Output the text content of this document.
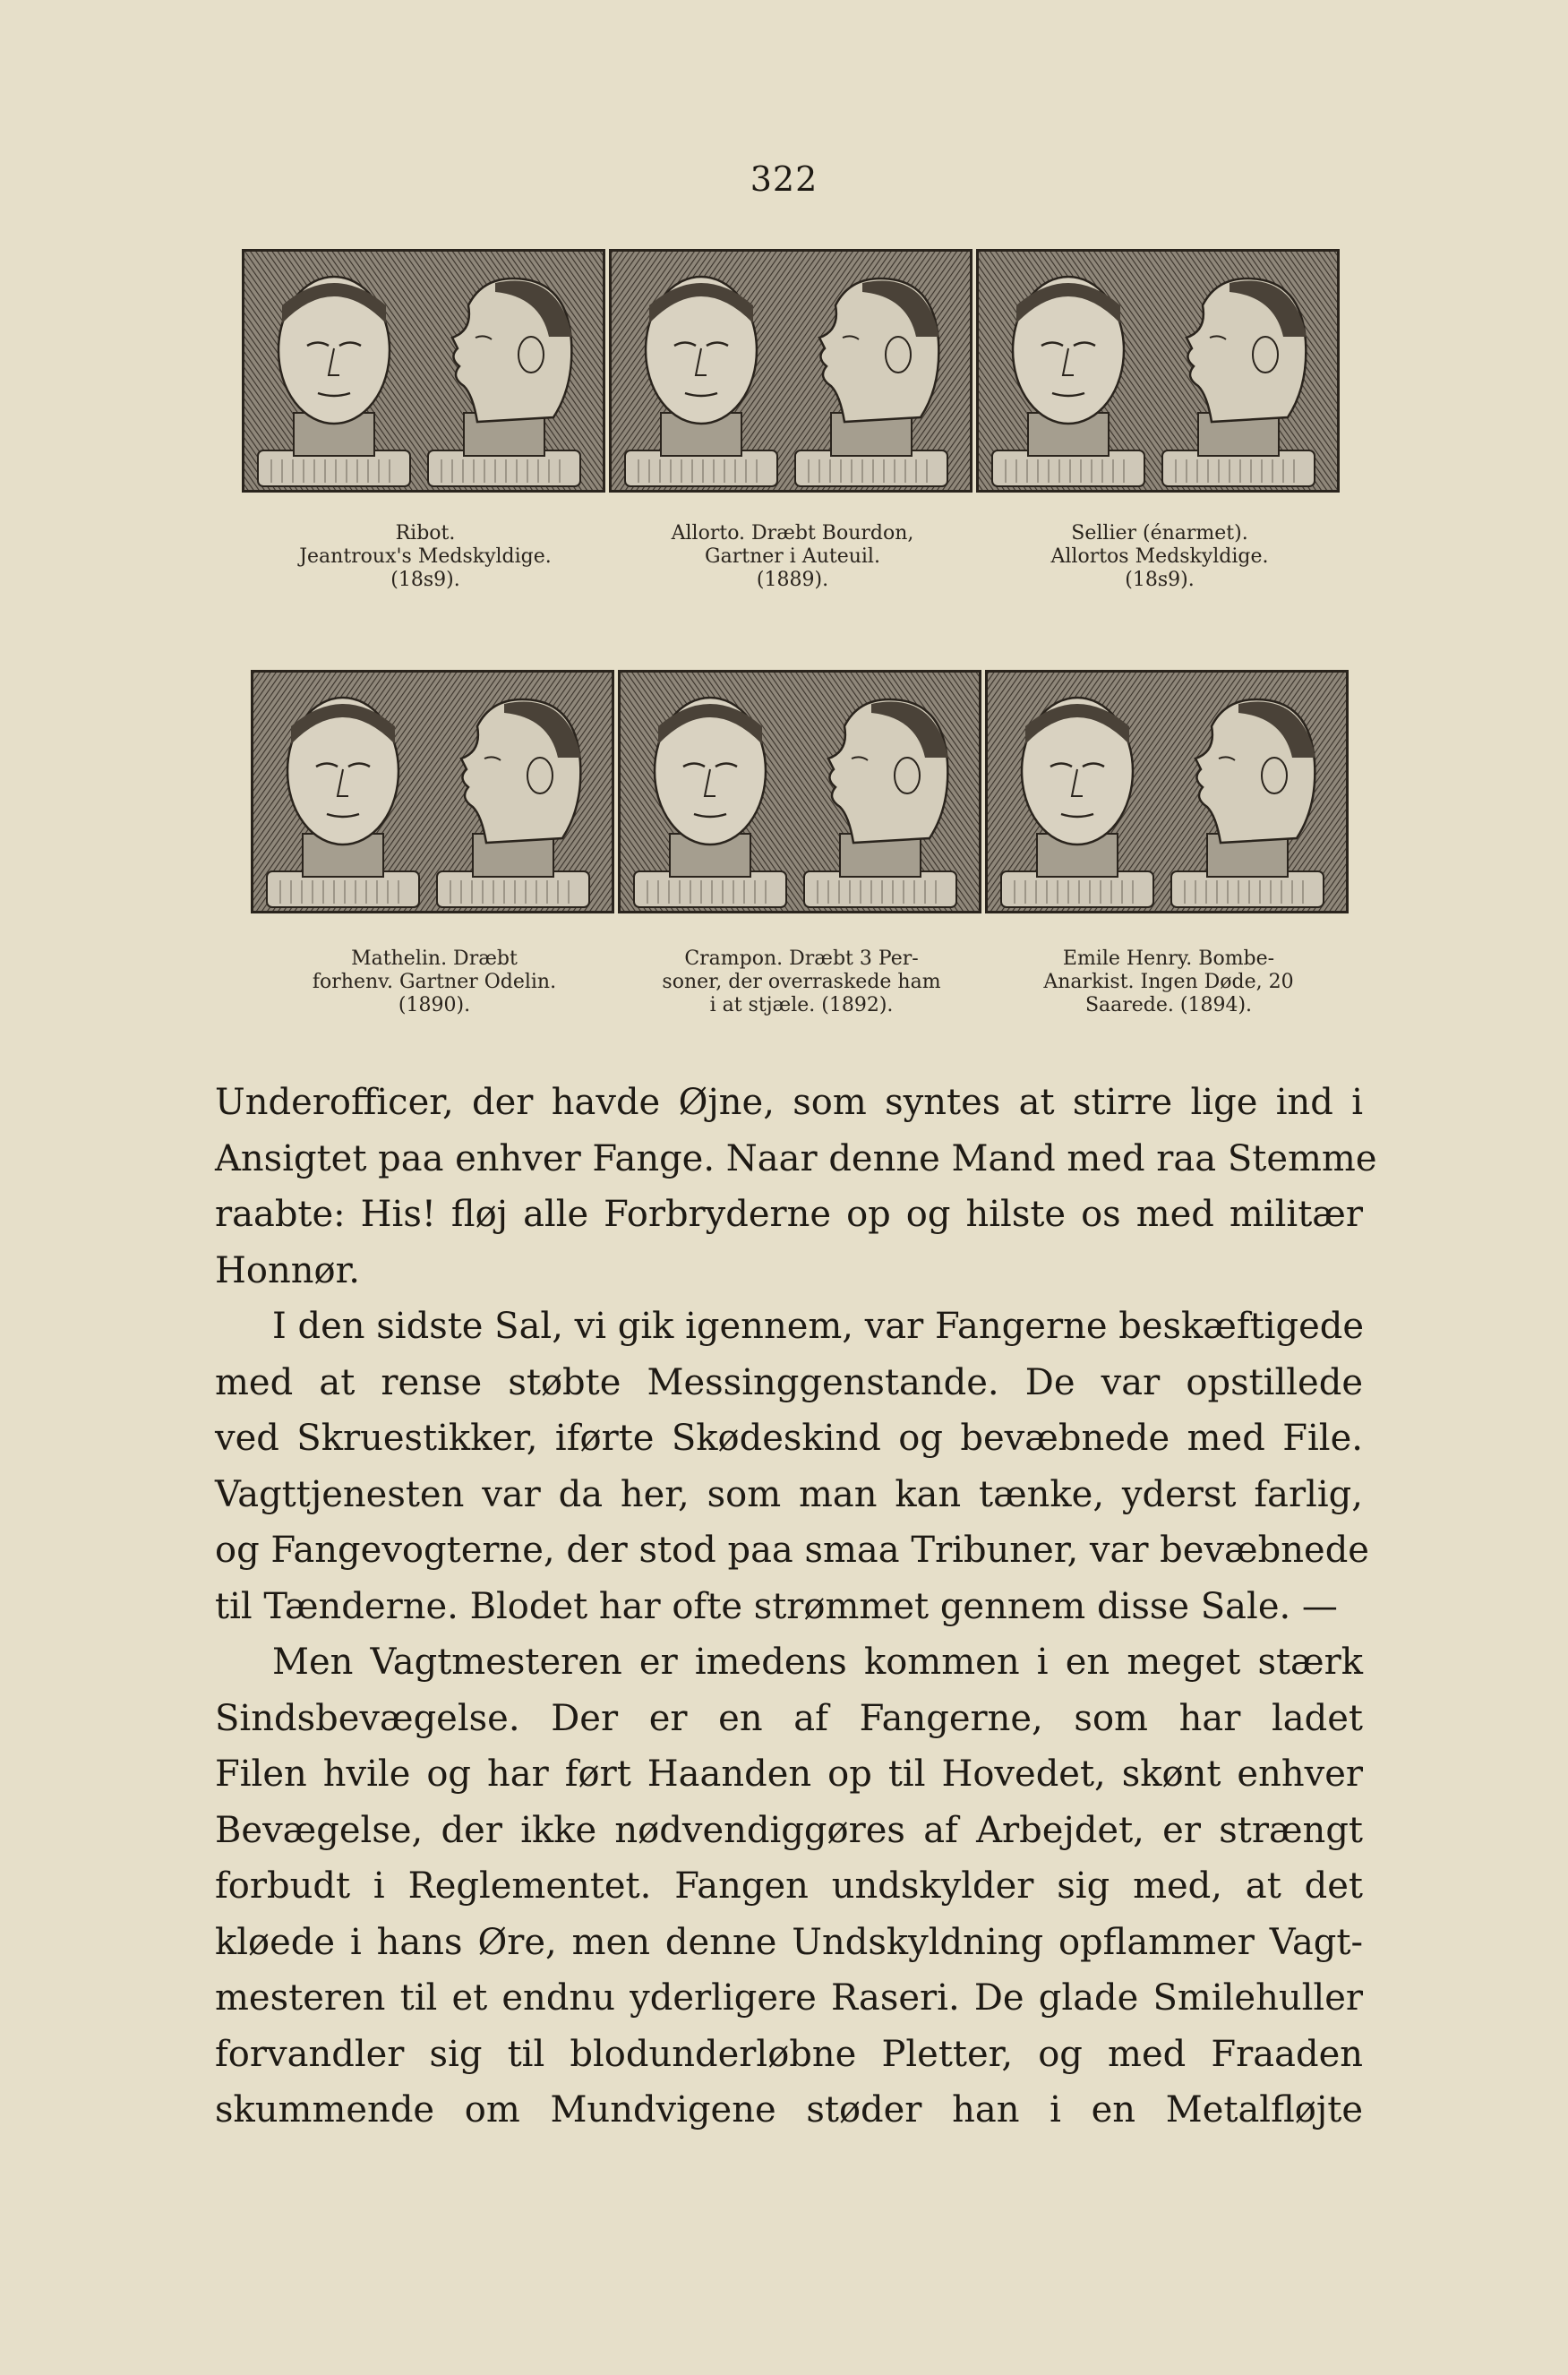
322
Ribot.
Jeantroux's Medskyldige.
(18ꜱ9).
Allorto. Dræbt Bourdon,
Gartner i Auteuil.
(1889).
Sellier (énarmet).
Allortos Medskyldige.
(18ꜱ9).
Mathelin. Dræbt
forhenv. Gartner Odelin.
(1890).
Crampon. Dræbt 3 Per-
soner, der overraskede ham
i at stjæle. (1892).
Emile Henry. Bombe-
Anarkist. Ingen Døde, 20
Saarede. (1894).
Underofficer, der havde Øjne, som syntes at stirre lige ind i
Ansigtet paa enhver Fange. Naar denne Mand med raa Stemme
raabte: His! fløj alle Forbryderne op og hilste os med militær
Honnør.
I den sidste Sal, vi gik igennem, var Fangerne beskæftigede
med at rense støbte Messinggenstande. De var opstillede
ved Skruestikker, iførte Skødeskind og bevæbnede med File.
Vagttjenesten var da her, som man kan tænke, yderst farlig,
og Fangevogterne, der stod paa smaa Tribuner, var bevæbnede
til Tænderne. Blodet har ofte strømmet gennem disse Sale. —
Men Vagtmesteren er imedens kommen i en meget stærk
Sindsbevægelse. Der er en af Fangerne, som har ladet
Filen hvile og har ført Haanden op til Hovedet, skønt enhver
Bevægelse, der ikke nødvendiggøres af Arbejdet, er strængt
forbudt i Reglementet. Fangen undskylder sig med, at det
kløede i hans Øre, men denne Undskyldning opflammer Vagt-
mesteren til et endnu yderligere Raseri. De glade Smilehuller
forvandler sig til blodunderløbne Pletter, og med Fraaden
skummende om Mundvigene støder han i en Metalfløjte
